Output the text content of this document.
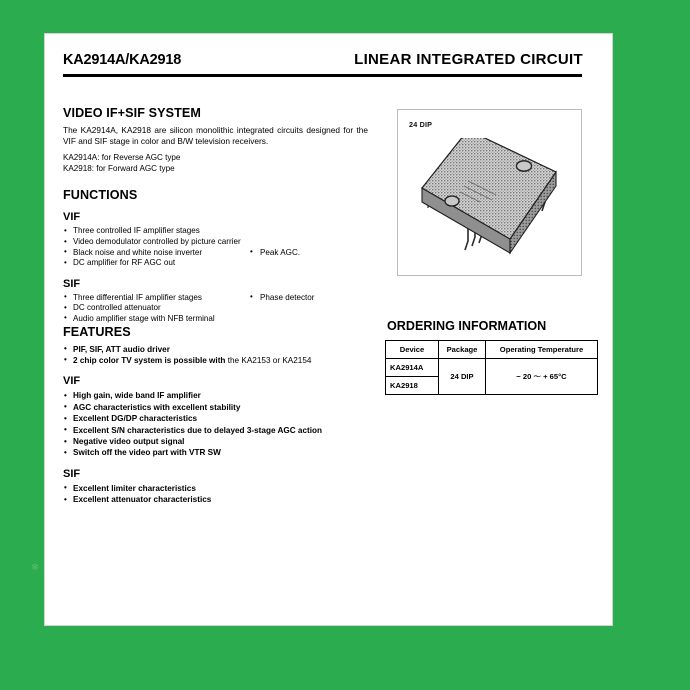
KA2914A/KA2918	LINEAR INTEGRATED CIRCUIT
VIDEO IF+SIF SYSTEM

The KA2914A, KA2918 are silicon monolithic integrated circuits designed for the VIF and SIF stage in color and B/W television receivers.

KA2914A: for Reverse AGC type

KA2918: for Forward AGC type

FUNCTIONS
VIF
• Three controlled IF amplifier stages
• Video demodulator controlled by picture carrier
• Black noise and white noise inverter	• Peak AGC.
• DC amplifier for RF AGC out
SIF
• Three differential IF amplifier stages	• Phase detector
• DC controlled attenuator
• Audio amplifier stage with NFB terminal
FEATURES
• PIF, SIF, ATT audio driver
• 2 chip color TV system is possible with the KA2153 or KA2154
VIF
• High gain, wide band IF amplifier
• AGC characteristics with excellent stability
• Excellent DG/DP characteristics
• Excellent S/N characteristics due to delayed 3-stage AGC action
• Negative video output signal
• Switch off the video part with VTR SW
SIF
• Excellent limiter characteristics
• Excellent attenuator characteristics
24 DIP
ORDERING INFORMATION
Device	Package	Operating Temperature
KA2914A	24 DIP	− 20 ～ + 65°C
KA2918		
✻
